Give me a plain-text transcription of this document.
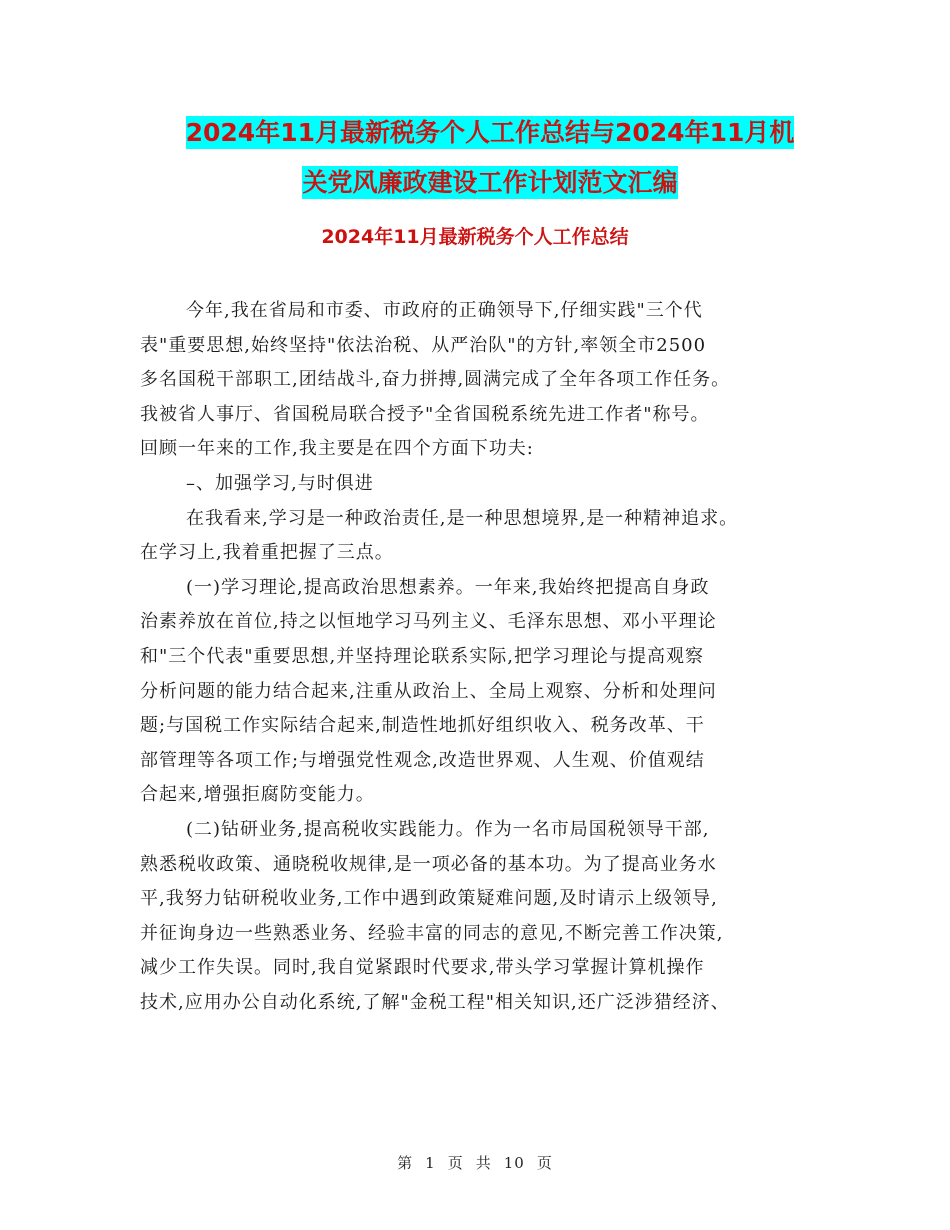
2024年11月最新税务个人工作总结与2024年11月机
关党风廉政建设工作计划范文汇编
2024年11月最新税务个人工作总结
今年,我在省局和市委、市政府的正确领导下,仔细实践"三个代
表"重要思想,始终坚持"依法治税、从严治队"的方针,率领全市2500
多名国税干部职工,团结战斗,奋力拼搏,圆满完成了全年各项工作任务。
我被省人事厅、省国税局联合授予"全省国税系统先进工作者"称号。
回顾一年来的工作,我主要是在四个方面下功夫:
–、加强学习,与时俱进
在我看来,学习是一种政治责任,是一种思想境界,是一种精神追求。
在学习上,我着重把握了三点。
(一)学习理论,提高政治思想素养。一年来,我始终把提高自身政
治素养放在首位,持之以恒地学习马列主义、毛泽东思想、邓小平理论
和"三个代表"重要思想,并坚持理论联系实际,把学习理论与提高观察
分析问题的能力结合起来,注重从政治上、全局上观察、分析和处理问
题;与国税工作实际结合起来,制造性地抓好组织收入、税务改革、干
部管理等各项工作;与增强党性观念,改造世界观、人生观、价值观结
合起来,增强拒腐防变能力。
(二)钻研业务,提高税收实践能力。作为一名市局国税领导干部,
熟悉税收政策、通晓税收规律,是一项必备的基本功。为了提高业务水
平,我努力钻研税收业务,工作中遇到政策疑难问题,及时请示上级领导,
并征询身边一些熟悉业务、经验丰富的同志的意见,不断完善工作决策,
减少工作失误。同时,我自觉紧跟时代要求,带头学习掌握计算机操作
技术,应用办公自动化系统,了解"金税工程"相关知识,还广泛涉猎经济、
第 1 页 共 10 页
